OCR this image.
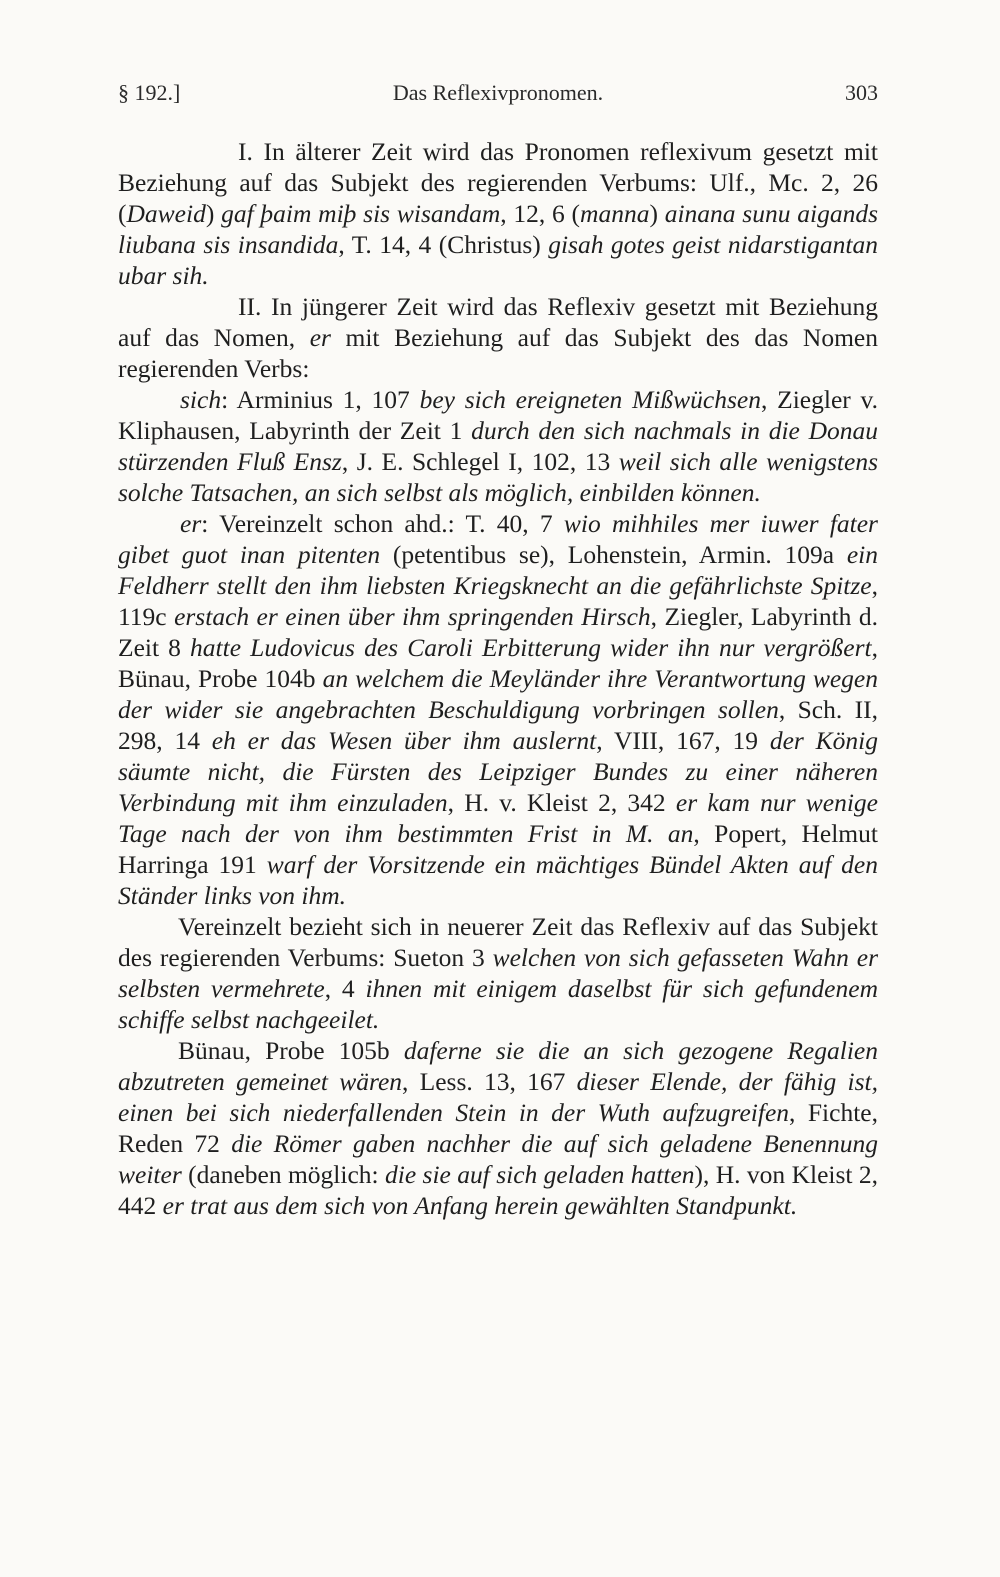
§ 192.]	Das Reflexivpronomen.	303

I. In älterer Zeit wird das Pronomen reflexivum gesetzt mit Beziehung auf das Subjekt des regierenden Verbums: Ulf., Mc. 2, 26 (Daweid) gaf þaim miþ sis wisandam, 12, 6 (manna) ainana sunu aigands liubana sis insandida, T. 14, 4 (Christus) gisah gotes geist nidarstigantan ubar sih.

II. In jüngerer Zeit wird das Reflexiv gesetzt mit Beziehung auf das Nomen, er mit Beziehung auf das Subjekt des das Nomen regierenden Verbs:

sich: Arminius 1, 107 bey sich ereigneten Mißwüchsen, Ziegler v. Kliphausen, Labyrinth der Zeit 1 durch den sich nachmals in die Donau stürzenden Fluß Ensz, J. E. Schlegel I, 102, 13 weil sich alle wenigstens solche Tatsachen, an sich selbst als möglich, einbilden können.

er: Vereinzelt schon ahd.: T. 40, 7 wio mihhiles mer iuwer fater gibet guot inan pitenten (petentibus se), Lohenstein, Armin. 109a ein Feldherr stellt den ihm liebsten Kriegsknecht an die gefährlichste Spitze, 119c erstach er einen über ihm springenden Hirsch, Ziegler, Labyrinth d. Zeit 8 hatte Ludovicus des Caroli Erbitterung wider ihn nur vergrößert, Bünau, Probe 104b an welchem die Meyländer ihre Verantwortung wegen der wider sie angebrachten Beschuldigung vorbringen sollen, Sch. II, 298, 14 eh er das Wesen über ihm auslernt, VIII, 167, 19 der König säumte nicht, die Fürsten des Leipziger Bundes zu einer näheren Verbindung mit ihm einzuladen, H. v. Kleist 2, 342 er kam nur wenige Tage nach der von ihm bestimmten Frist in M. an, Popert, Helmut Harringa 191 warf der Vorsitzende ein mächtiges Bündel Akten auf den Ständer links von ihm.

Vereinzelt bezieht sich in neuerer Zeit das Reflexiv auf das Subjekt des regierenden Verbums: Sueton 3 welchen von sich gefasseten Wahn er selbsten vermehrete, 4 ihnen mit einigem daselbst für sich gefundenem schiffe selbst nachgeeilet.

Bünau, Probe 105b daferne sie die an sich gezogene Regalien abzutreten gemeinet wären, Less. 13, 167 dieser Elende, der fähig ist, einen bei sich niederfallenden Stein in der Wuth aufzugreifen, Fichte, Reden 72 die Römer gaben nachher die auf sich geladene Benennung weiter (daneben möglich: die sie auf sich geladen hatten), H. von Kleist 2, 442 er trat aus dem sich von Anfang herein gewählten Standpunkt.
